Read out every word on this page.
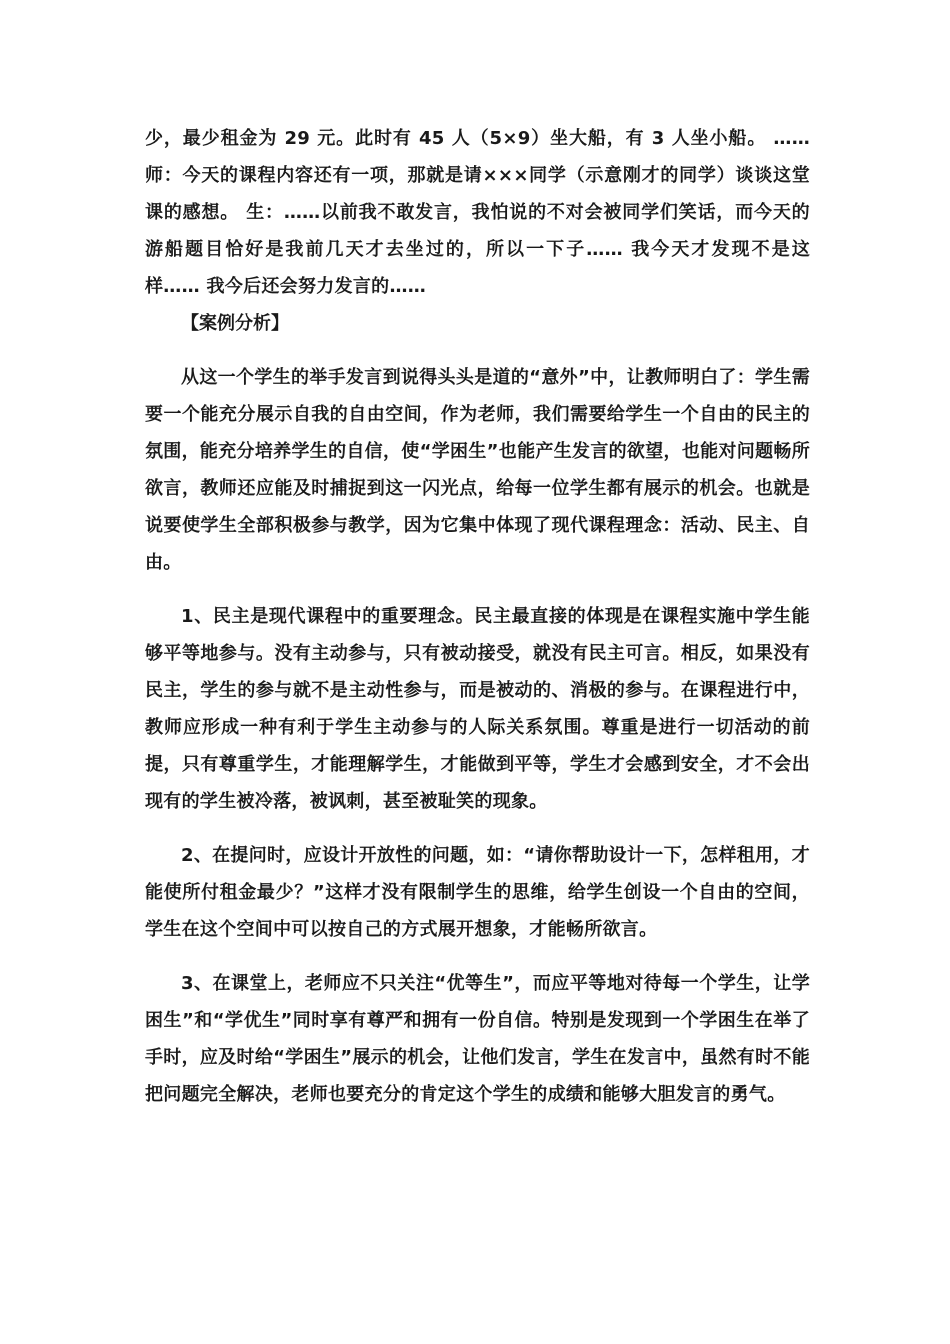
少，最少租金为 29 元。此时有 45 人（5×9）坐大船，有 3 人坐小船。 …… 师：今天的课程内容还有一项，那就是请×××同学（示意刚才的同学）谈谈这堂课的感想。 生：……以前我不敢发言，我怕说的不对会被同学们笑话，而今天的游船题目恰好是我前几天才去坐过的，所以一下子…… 我今天才发现不是这样…… 我今后还会努力发言的……

【案例分析】

从这一个学生的举手发言到说得头头是道的“意外”中，让教师明白了：学生需要一个能充分展示自我的自由空间，作为老师，我们需要给学生一个自由的民主的氛围，能充分培养学生的自信，使“学困生”也能产生发言的欲望，也能对问题畅所欲言，教师还应能及时捕捉到这一闪光点，给每一位学生都有展示的机会。也就是说要使学生全部积极参与教学，因为它集中体现了现代课程理念：活动、民主、自由。

1、民主是现代课程中的重要理念。民主最直接的体现是在课程实施中学生能够平等地参与。没有主动参与，只有被动接受，就没有民主可言。相反，如果没有民主，学生的参与就不是主动性参与，而是被动的、消极的参与。在课程进行中，教师应形成一种有利于学生主动参与的人际关系氛围。尊重是进行一切活动的前提，只有尊重学生，才能理解学生，才能做到平等，学生才会感到安全，才不会出现有的学生被冷落，被讽刺，甚至被耻笑的现象。

2、在提问时，应设计开放性的问题，如：“请你帮助设计一下，怎样租用，才能使所付租金最少？”这样才没有限制学生的思维，给学生创设一个自由的空间，学生在这个空间中可以按自己的方式展开想象，才能畅所欲言。

3、在课堂上，老师应不只关注“优等生”，而应平等地对待每一个学生，让学困生”和“学优生”同时享有尊严和拥有一份自信。特别是发现到一个学困生在举了手时，应及时给“学困生”展示的机会，让他们发言，学生在发言中，虽然有时不能把问题完全解决，老师也要充分的肯定这个学生的成绩和能够大胆发言的勇气。
